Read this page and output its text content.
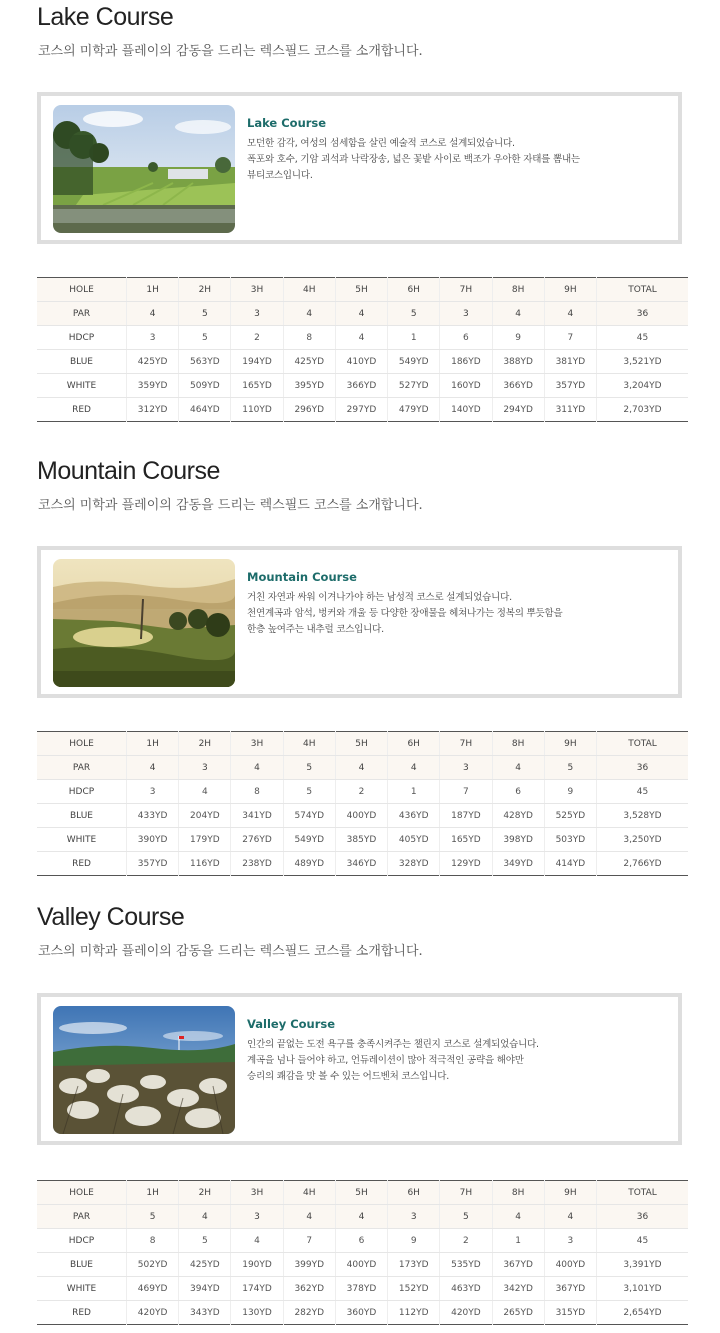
Lake Course
코스의 미학과 플레이의 감동을 드리는 렉스필드 코스를 소개합니다.
Lake Course
모던한 감각, 여성의 섬세함을 살린 예술적 코스로 설계되었습니다.
폭포와 호수, 기암 괴석과 낙락장송, 넓은 꽃밭 사이로 백조가 우아한 자태를 뽐내는
뷰티코스입니다.
HOLE	1H	2H	3H	4H	5H	6H	7H	8H	9H	TOTAL
PAR	4	5	3	4	4	5	3	4	4	36
HDCP	3	5	2	8	4	1	6	9	7	45
BLUE	425YD	563YD	194YD	425YD	410YD	549YD	186YD	388YD	381YD	3,521YD
WHITE	359YD	509YD	165YD	395YD	366YD	527YD	160YD	366YD	357YD	3,204YD
RED	312YD	464YD	110YD	296YD	297YD	479YD	140YD	294YD	311YD	2,703YD
Mountain Course
코스의 미학과 플레이의 감동을 드리는 렉스필드 코스를 소개합니다.
Mountain Course
거친 자연과 싸워 이겨나가야 하는 남성적 코스로 설계되었습니다.
천연계곡과 암석, 벙커와 개울 등 다양한 장애물을 헤쳐나가는 정복의 뿌듯함을
한층 높여주는 내추럴 코스입니다.
HOLE	1H	2H	3H	4H	5H	6H	7H	8H	9H	TOTAL
PAR	4	3	4	5	4	4	3	4	5	36
HDCP	3	4	8	5	2	1	7	6	9	45
BLUE	433YD	204YD	341YD	574YD	400YD	436YD	187YD	428YD	525YD	3,528YD
WHITE	390YD	179YD	276YD	549YD	385YD	405YD	165YD	398YD	503YD	3,250YD
RED	357YD	116YD	238YD	489YD	346YD	328YD	129YD	349YD	414YD	2,766YD
Valley Course
코스의 미학과 플레이의 감동을 드리는 렉스필드 코스를 소개합니다.
Valley Course
인간의 끝없는 도전 욕구를 충족시켜주는 챌린지 코스로 설계되었습니다.
계곡을 넘나 들어야 하고, 언듀레이션이 많아 적극적인 공략을 해야만
승리의 쾌감을 맛 볼 수 있는 어드벤처 코스입니다.
HOLE	1H	2H	3H	4H	5H	6H	7H	8H	9H	TOTAL
PAR	5	4	3	4	4	3	5	4	4	36
HDCP	8	5	4	7	6	9	2	1	3	45
BLUE	502YD	425YD	190YD	399YD	400YD	173YD	535YD	367YD	400YD	3,391YD
WHITE	469YD	394YD	174YD	362YD	378YD	152YD	463YD	342YD	367YD	3,101YD
RED	420YD	343YD	130YD	282YD	360YD	112YD	420YD	265YD	315YD	2,654YD
